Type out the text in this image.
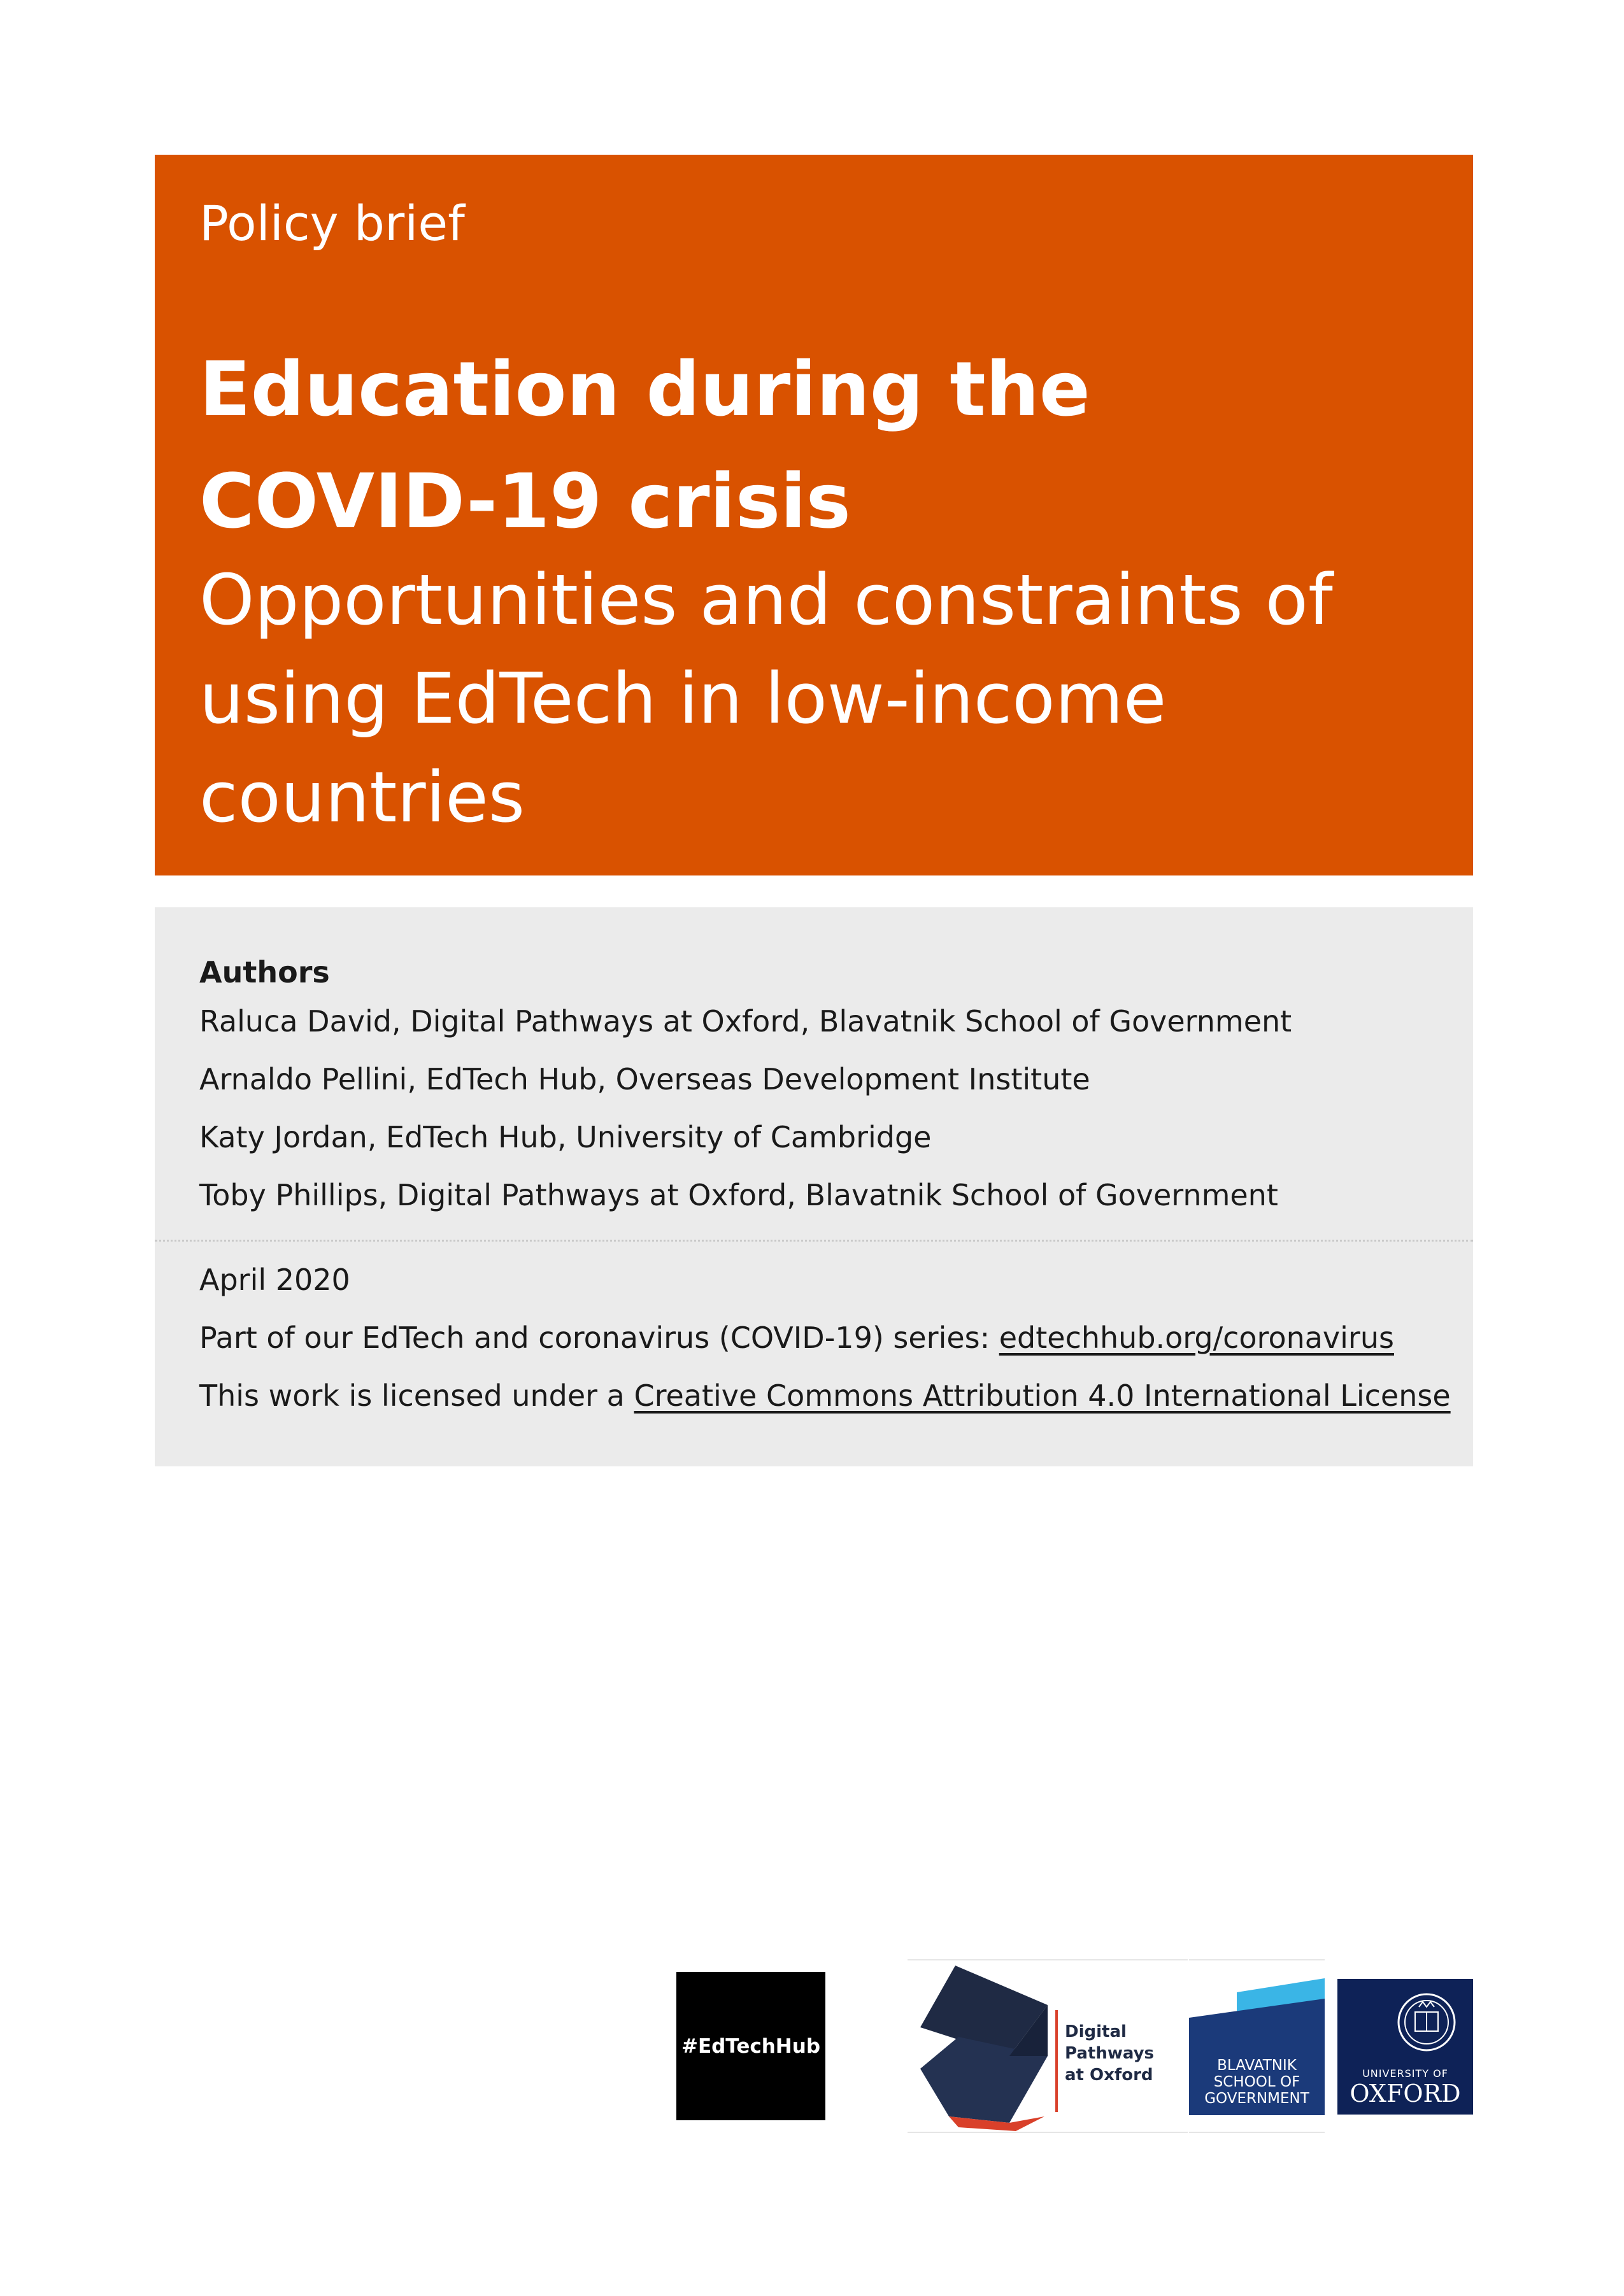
Policy brief
Education during the
COVID-19 crisis
Opportunities and constraints of
using EdTech in low-income
countries
Authors
Raluca David, Digital Pathways at Oxford, Blavatnik School of Government
Arnaldo Pellini, EdTech Hub, Overseas Development Institute
Katy Jordan, EdTech Hub, University of Cambridge
Toby Phillips, Digital Pathways at Oxford, Blavatnik School of Government
April 2020
Part of our EdTech and coronavirus (COVID-19) series: edtechhub.org/coronavirus
This work is licensed under a Creative Commons Attribution 4.0 International License
#EdTechHub
Digital
Pathways
at Oxford	BLAVATNIK
SCHOOL OF
GOVERNMENT
UNIVERSITY OF
OXFORD
